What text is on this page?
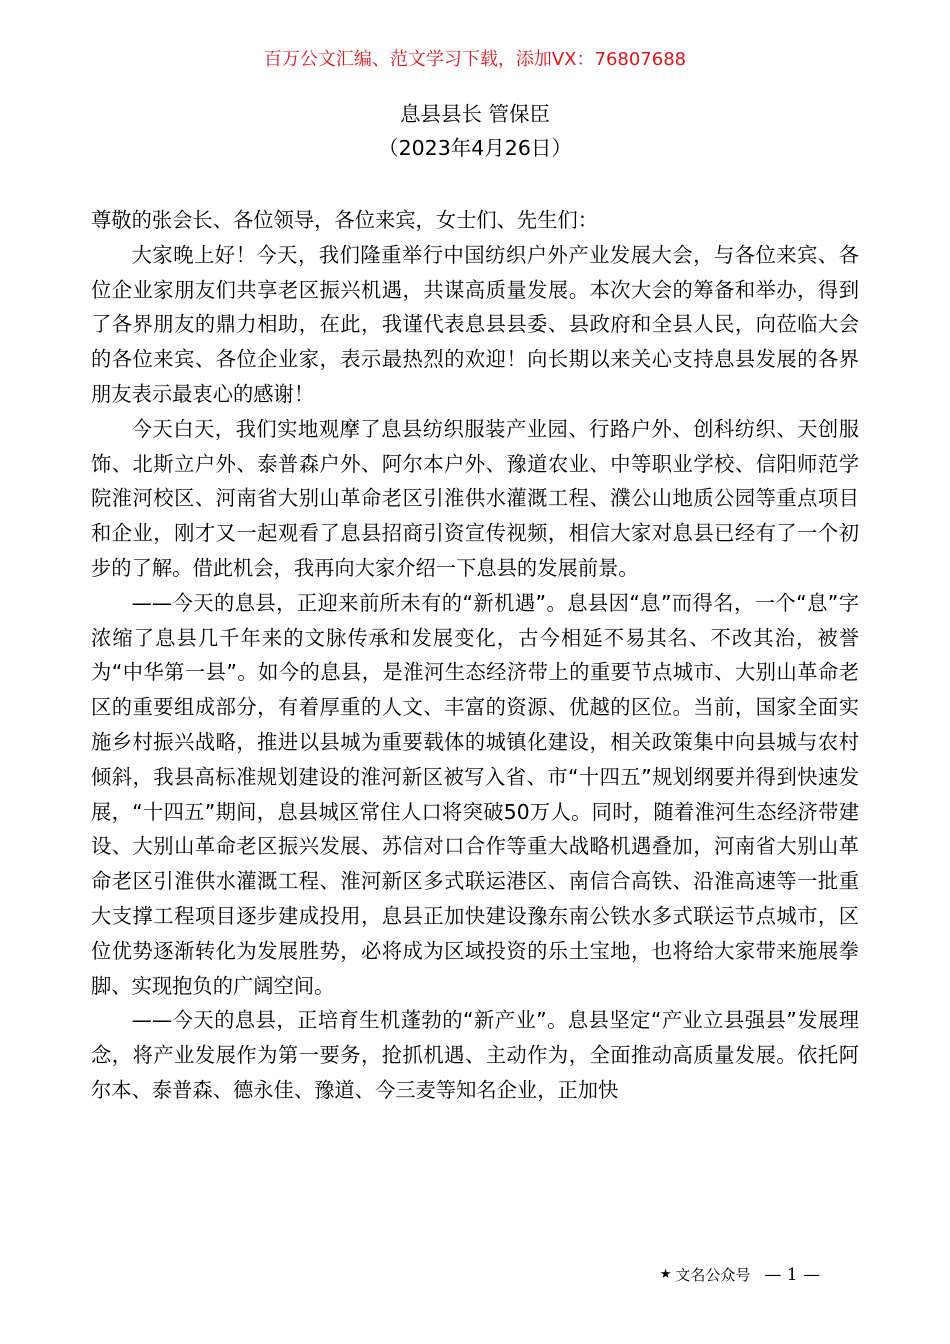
百万公文汇编、范文学习下载，添加VX：76807688
息县县长 管保臣
（2023年4月26日）

尊敬的张会长、各位领导，各位来宾，女士们、先生们：

大家晚上好！今天，我们隆重举行中国纺织户外产业发展大会，与各位来宾、各位企业家朋友们共享老区振兴机遇，共谋高质量发展。本次大会的筹备和举办，得到了各界朋友的鼎力相助，在此，我谨代表息县县委、县政府和全县人民，向莅临大会的各位来宾、各位企业家，表示最热烈的欢迎！向长期以来关心支持息县发展的各界朋友表示最衷心的感谢！

今天白天，我们实地观摩了息县纺织服装产业园、行路户外、创科纺织、天创服饰、北斯立户外、泰普森户外、阿尔本户外、豫道农业、中等职业学校、信阳师范学院淮河校区、河南省大别山革命老区引淮供水灌溉工程、濮公山地质公园等重点项目和企业，刚才又一起观看了息县招商引资宣传视频，相信大家对息县已经有了一个初步的了解。借此机会，我再向大家介绍一下息县的发展前景。

——今天的息县，正迎来前所未有的“新机遇”。息县因“息”而得名，一个“息”字浓缩了息县几千年来的文脉传承和发展变化，古今相延不易其名、不改其治，被誉为“中华第一县”。如今的息县，是淮河生态经济带上的重要节点城市、大别山革命老区的重要组成部分，有着厚重的人文、丰富的资源、优越的区位。当前，国家全面实施乡村振兴战略，推进以县城为重要载体的城镇化建设，相关政策集中向县城与农村倾斜，我县高标准规划建设的淮河新区被写入省、市“十四五”规划纲要并得到快速发展，“十四五”期间，息县城区常住人口将突破50万人。同时，随着淮河生态经济带建设、大别山革命老区振兴发展、苏信对口合作等重大战略机遇叠加，河南省大别山革命老区引淮供水灌溉工程、淮河新区多式联运港区、南信合高铁、沿淮高速等一批重大支撑工程项目逐步建成投用，息县正加快建设豫东南公铁水多式联运节点城市，区位优势逐渐转化为发展胜势，必将成为区域投资的乐土宝地，也将给大家带来施展拳脚、实现抱负的广阔空间。

——今天的息县，正培育生机蓬勃的“新产业”。息县坚定“产业立县强县”发展理念，将产业发展作为第一要务，抢抓机遇、主动作为，全面推动高质量发展。依托阿尔本、泰普森、德永佳、豫道、今三麦等知名企业，正加快

★ 文名公众号 — 1 —
